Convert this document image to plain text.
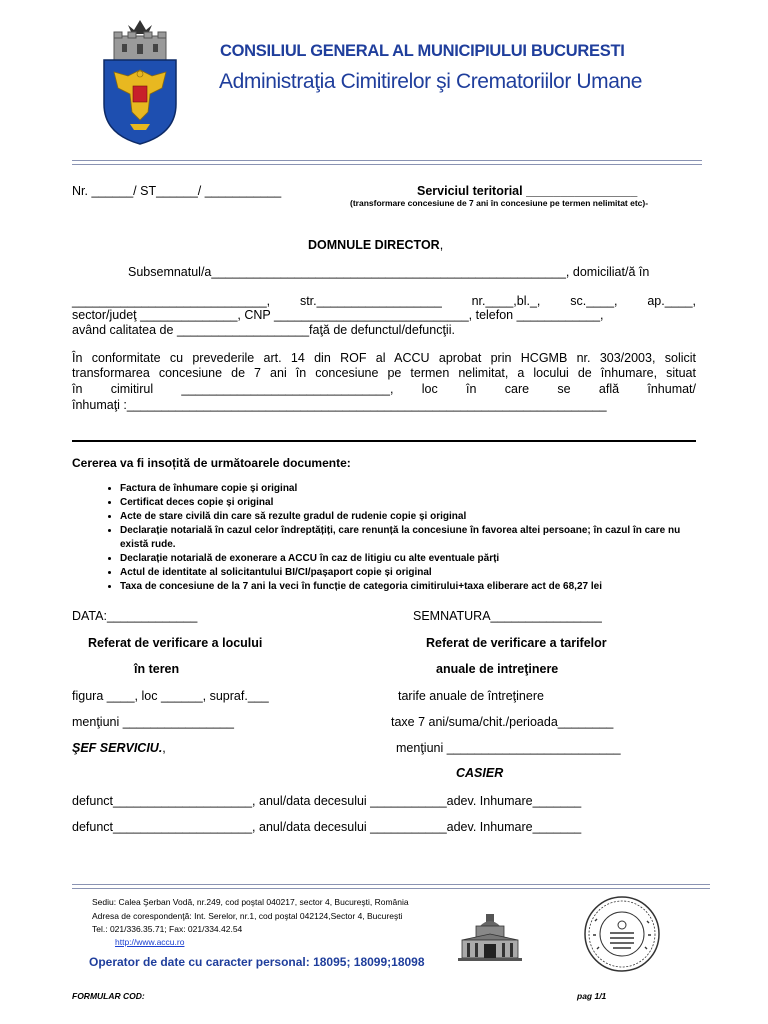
CONSILIUL GENERAL AL MUNICIPIULUI BUCURESTI
Administraţia Cimitirelor şi Crematoriilor Umane
Nr. ______/ ST______/ ___________	Serviciul teritorial ________________
(transformare concesiune de 7 ani în concesiune pe termen nelimitat etc)-
DOMNULE DIRECTOR,
Subsemnatul/a___________________________________________________, domiciliat/ă în
____________________________, str.__________________ nr.____,bl._, sc.____, ap.____,
sector/judeţ ______________, CNP ____________________________, telefon ____________,
având calitatea de ___________________faţă de defunctul/defuncţii.
În conformitate cu prevederile art. 14 din ROF al ACCU aprobat prin HCGMB nr. 303/2003, solicit
transformarea concesiune de 7 ani în concesiune pe termen nelimitat, a locului de înhumare, situat
în cimitirul ______________________________, loc în care se află înhumat/
înhumaţi :_____________________________________________________________________
Cererea va fi insoțită de următoarele documente:
• Factura de înhumare copie și original
• Certificat deces copie și original
• Acte de stare civilă din care să rezulte gradul de rudenie copie și original
• Declarație notarială în cazul celor îndreptățiți, care renunță la concesiune în favorea altei persoane; în cazul în care nu există rude.
• Declarație notarială de exonerare a ACCU în caz de litigiu cu alte eventuale părți
• Actul de identitate al solicitantului BI/CI/pașaport copie și original
• Taxa de concesiune de la 7 ani la veci în funcție de categoria cimitirului+taxa eliberare act de 68,27 lei
DATA:_____________	SEMNATURA________________
Referat de verificare a locului
în teren
Referat de verificare a tarifelor
anuale de intreţinere
figura ____, loc ______, supraf.___	tarife anuale de întreţinere
menţiuni ________________	taxe 7 ani/suma/chit./perioada________
ŞEF SERVICIU.,	menţiuni _________________________
CASIER
defunct____________________, anul/data decesului ___________adev. Inhumare_______
defunct____________________, anul/data decesului ___________adev. Inhumare_______
Sediu: Calea Şerban Vodă, nr.249, cod poştal 040217, sector 4, Bucureşti, România
Adresa de corespondenţă: Int. Serelor, nr.1, cod poştal 042124,Sector 4, Bucureşti
Tel.: 021/336.35.71; Fax: 021/334.42.54
http://www.accu.ro
Operator de date cu caracter personal: 18095; 18099;18098
FORMULAR COD:	pag 1/1
